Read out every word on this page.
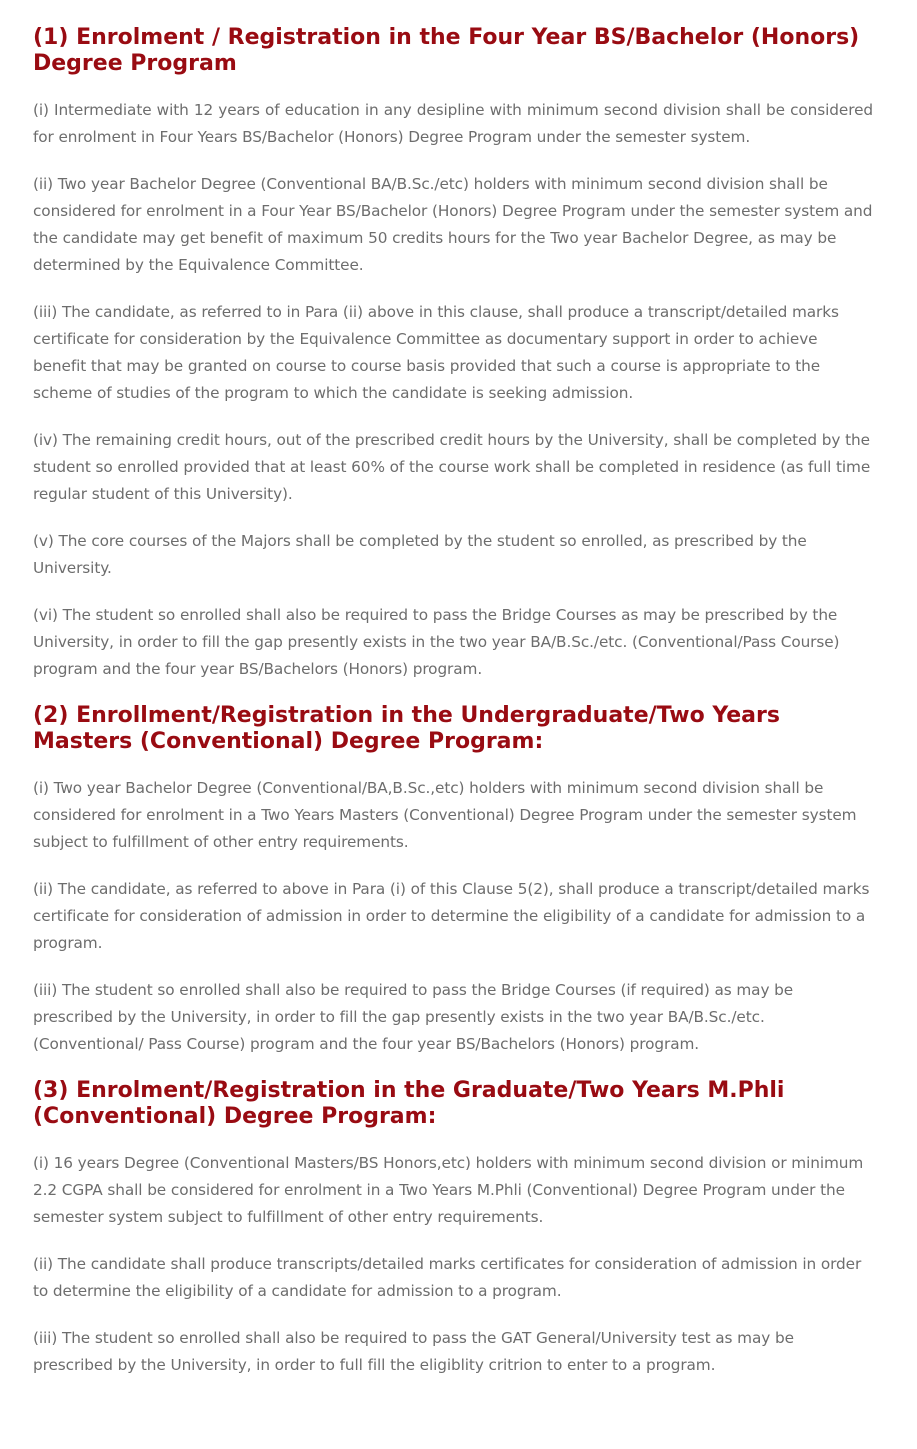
(1) Enrolment / Registration in the Four Year BS/Bachelor (Honors) Degree Program

(i) Intermediate with 12 years of education in any desipline with minimum second division shall be considered for enrolment in Four Years BS/Bachelor (Honors) Degree Program under the semester system.

(ii) Two year Bachelor Degree (Conventional BA/B.Sc./etc) holders with minimum second division shall be considered for enrolment in a Four Year BS/Bachelor (Honors) Degree Program under the semester system and the candidate may get benefit of maximum 50 credits hours for the Two year Bachelor Degree, as may be determined by the Equivalence Committee.

(iii) The candidate, as referred to in Para (ii) above in this clause, shall produce a transcript/detailed marks certificate for consideration by the Equivalence Committee as documentary support in order to achieve benefit that may be granted on course to course basis provided that such a course is appropriate to the scheme of studies of the program to which the candidate is seeking admission.

(iv) The remaining credit hours, out of the prescribed credit hours by the University, shall be completed by the student so enrolled provided that at least 60% of the course work shall be completed in residence (as full time regular student of this University).

(v) The core courses of the Majors shall be completed by the student so enrolled, as prescribed by the University.

(vi) The student so enrolled shall also be required to pass the Bridge Courses as may be prescribed by the University, in order to fill the gap presently exists in the two year BA/B.Sc./etc. (Conventional/Pass Course) program and the four year BS/Bachelors (Honors) program.

(2) Enrollment/Registration in the Undergraduate/Two Years Masters (Conventional) Degree Program:

(i) Two year Bachelor Degree (Conventional/BA,B.Sc.,etc) holders with minimum second division shall be considered for enrolment in a Two Years Masters (Conventional) Degree Program under the semester system subject to fulfillment of other entry requirements.

(ii) The candidate, as referred to above in Para (i) of this Clause 5(2), shall produce a transcript/detailed marks certificate for consideration of admission in order to determine the eligibility of a candidate for admission to a program.

(iii) The student so enrolled shall also be required to pass the Bridge Courses (if required) as may be prescribed by the University, in order to fill the gap presently exists in the two year BA/B.Sc./etc. (Conventional/ Pass Course) program and the four year BS/Bachelors (Honors) program.

(3) Enrolment/Registration in the Graduate/Two Years M.Phli (Conventional) Degree Program:

(i) 16 years Degree (Conventional Masters/BS Honors,etc) holders with minimum second division or minimum 2.2 CGPA shall be considered for enrolment in a Two Years M.Phli (Conventional) Degree Program under the semester system subject to fulfillment of other entry requirements.

(ii) The candidate shall produce transcripts/detailed marks certificates for consideration of admission in order to determine the eligibility of a candidate for admission to a program.

(iii) The student so enrolled shall also be required to pass the GAT General/University test as may be prescribed by the University, in order to full fill the eligiblity critrion to enter to a program.
